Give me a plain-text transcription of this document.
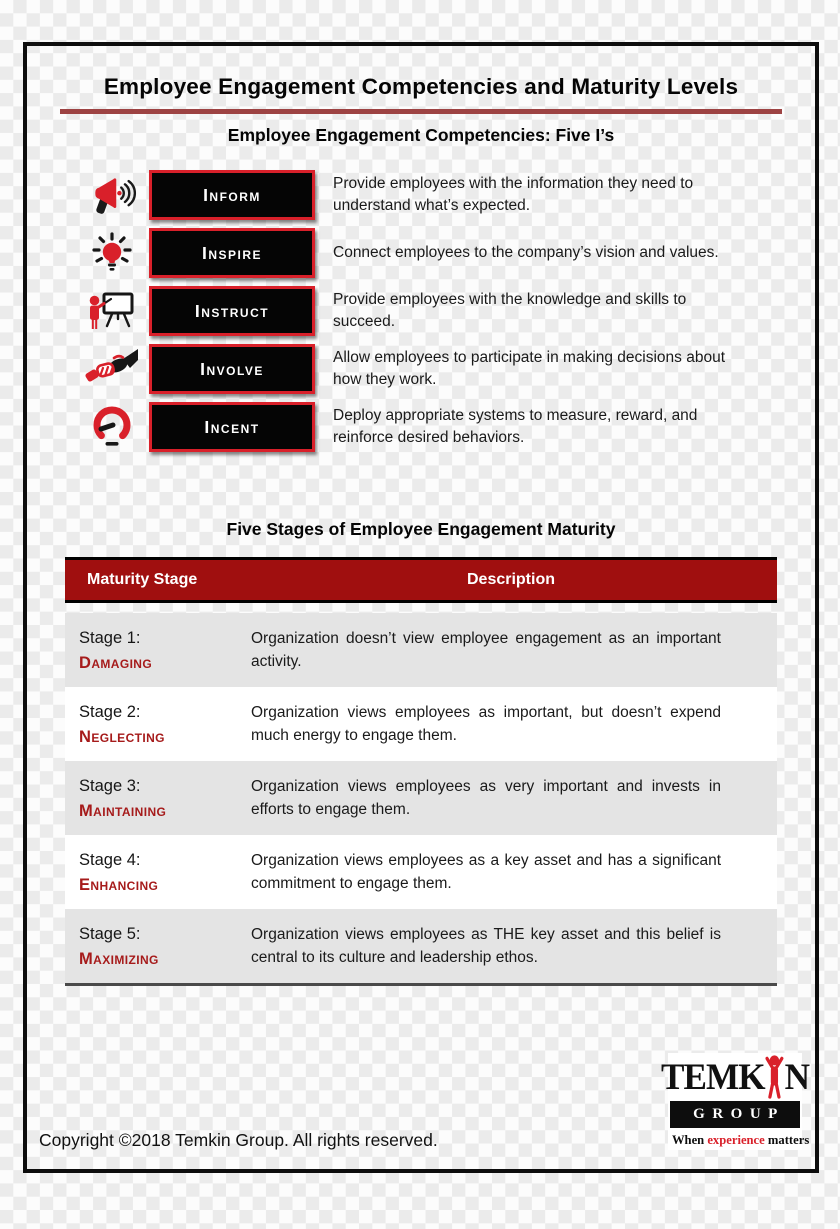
Employee Engagement Competencies and Maturity Levels
Employee Engagement Competencies: Five I’s
Inform
Provide employees with the information they need to understand what’s expected.
Inspire	Connect employees to the company’s vision and values.
Instruct
Provide employees with the knowledge and skills to succeed.
Involve
Allow employees to participate in making decisions about how they work.
Incent
Deploy appropriate systems to measure, reward, and reinforce desired behaviors.
Five Stages of Employee Engagement Maturity
Maturity Stage	Description
Stage 1:
Damaging
Organization doesn’t view employee engagement as an important activity.
Stage 2:
Neglecting
Organization views employees as important, but doesn’t expend much energy to engage them.
Stage 3:
Maintaining
Organization views employees as very important and invests in efforts to engage them.
Stage 4:
Enhancing
Organization views employees as a key asset and has a significant commitment to engage them.
Stage 5:
Maximizing
Organization views employees as THE key asset and this belief is central to its culture and leadership ethos.
Copyright ©2018 Temkin Group. All rights reserved.
TEMK N
GROUP
When experience matters
